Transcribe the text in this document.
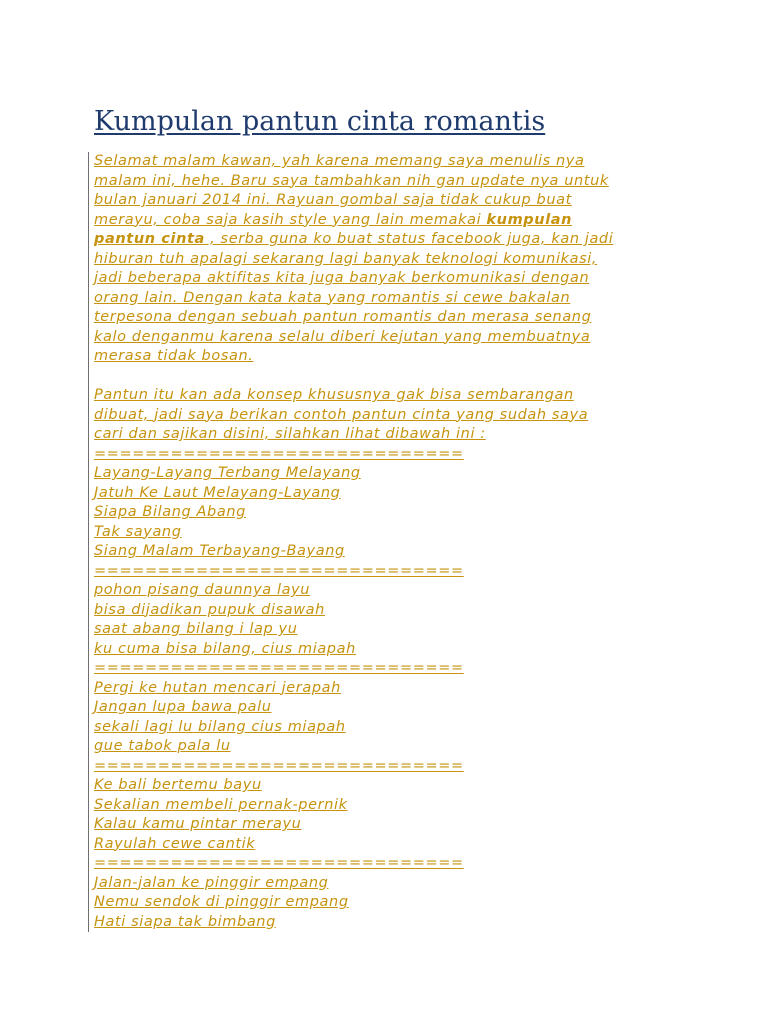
Kumpulan pantun cinta romantis
Selamat malam kawan, yah karena memang saya menulis nya
malam ini, hehe. Baru saya tambahkan nih gan update nya untuk
bulan januari 2014 ini. Rayuan gombal saja tidak cukup buat
merayu, coba saja kasih style yang lain memakai kumpulan
pantun cinta , serba guna ko buat status facebook juga, kan jadi
hiburan tuh apalagi sekarang lagi banyak teknologi komunikasi,
jadi beberapa aktifitas kita juga banyak berkomunikasi dengan
orang lain. Dengan kata kata yang romantis si cewe bakalan
terpesona dengan sebuah pantun romantis dan merasa senang
kalo denganmu karena selalu diberi kejutan yang membuatnya
merasa tidak bosan.
Pantun itu kan ada konsep khususnya gak bisa sembarangan
dibuat, jadi saya berikan contoh pantun cinta yang sudah saya
cari dan sajikan disini, silahkan lihat dibawah ini :
=============================
Layang-Layang Terbang Melayang
Jatuh Ke Laut Melayang-Layang
Siapa Bilang Abang
Tak sayang
Siang Malam Terbayang-Bayang
=============================
pohon pisang daunnya layu
bisa dijadikan pupuk disawah
saat abang bilang i lap yu
ku cuma bisa bilang, cius miapah
=============================
Pergi ke hutan mencari jerapah
Jangan lupa bawa palu
sekali lagi lu bilang cius miapah
gue tabok pala lu
=============================
Ke bali bertemu bayu
Sekalian membeli pernak-pernik
Kalau kamu pintar merayu
Rayulah cewe cantik
=============================
Jalan-jalan ke pinggir empang
Nemu sendok di pinggir empang
Hati siapa tak bimbang
